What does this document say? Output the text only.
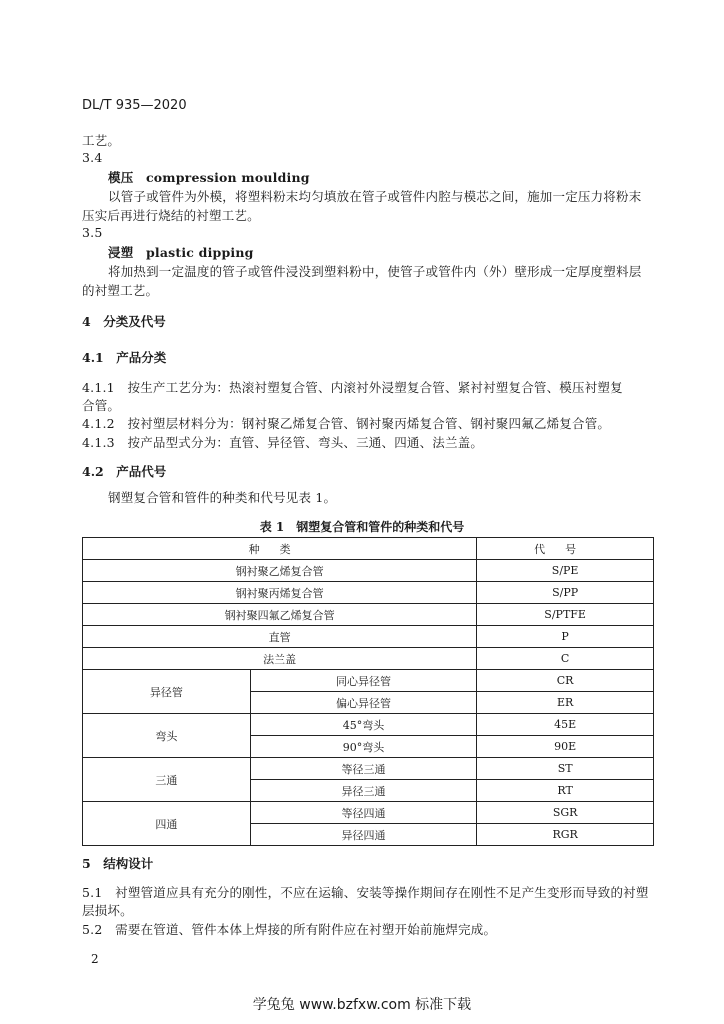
DL/T 935—2020
工艺。
3.4
模压 compression moulding
以管子或管件为外模，将塑料粉末均匀填放在管子或管件内腔与模芯之间，施加一定压力将粉末
压实后再进行烧结的衬塑工艺。
3.5
浸塑 plastic dipping
将加热到一定温度的管子或管件浸没到塑料粉中，使管子或管件内（外）壁形成一定厚度塑料层
的衬塑工艺。
4　分类及代号
4.1　产品分类
4.1.1　按生产工艺分为：热滚衬塑复合管、内滚衬外浸塑复合管、紧衬衬塑复合管、模压衬塑复
合管。
4.1.2　按衬塑层材料分为：钢衬聚乙烯复合管、钢衬聚丙烯复合管、钢衬聚四氟乙烯复合管。
4.1.3　按产品型式分为：直管、异径管、弯头、三通、四通、法兰盖。
4.2　产品代号
钢塑复合管和管件的种类和代号见表 1。
表 1　钢塑复合管和管件的种类和代号
种类		代号
钢衬聚乙烯复合管		S/PE
钢衬聚丙烯复合管		S/PP
钢衬聚四氟乙烯复合管		S/PTFE
直管		P
法兰盖		C
异径管	同心异径管	CR
	偏心异径管	ER
弯头	45°弯头	45E
	90°弯头	90E
三通	等径三通	ST
	异径三通	RT
四通	等径四通	SGR
	异径四通	RGR
5　结构设计
5.1　衬塑管道应具有充分的刚性，不应在运输、安装等操作期间存在刚性不足产生变形而导致的衬塑
层损坏。
5.2　需要在管道、管件本体上焊接的所有附件应在衬塑开始前施焊完成。
2
学兔兔 www.bzfxw.com 标准下载
